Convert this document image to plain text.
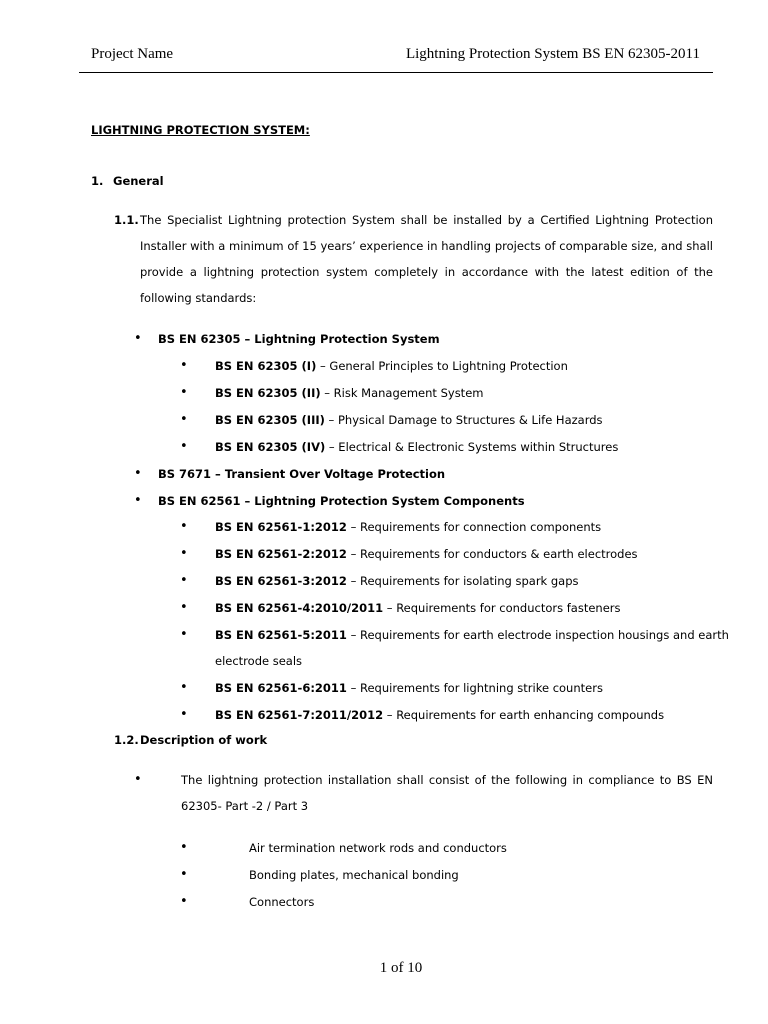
Project Name	Lightning Protection System BS EN 62305-2011
LIGHTNING PROTECTION SYSTEM:
1. General
1.1. The Specialist Lightning protection System shall be installed by a Certified Lightning Protection
Installer with a minimum of 15 years’ experience in handling projects of comparable size, and shall
provide a lightning protection system completely in accordance with the latest edition of the
following standards:
• BS EN 62305 – Lightning Protection System
• BS EN 62305 (I) – General Principles to Lightning Protection
• BS EN 62305 (II) – Risk Management System
• BS EN 62305 (III) – Physical Damage to Structures & Life Hazards
• BS EN 62305 (IV) – Electrical & Electronic Systems within Structures
• BS 7671 – Transient Over Voltage Protection
• BS EN 62561 – Lightning Protection System Components
• BS EN 62561-1:2012 – Requirements for connection components
• BS EN 62561-2:2012 – Requirements for conductors & earth electrodes
• BS EN 62561-3:2012 – Requirements for isolating spark gaps
• BS EN 62561-4:2010/2011 – Requirements for conductors fasteners
• BS EN 62561-5:2011 – Requirements for earth electrode inspection housings and earth
electrode seals
• BS EN 62561-6:2011 – Requirements for lightning strike counters
• BS EN 62561-7:2011/2012 – Requirements for earth enhancing compounds
1.2. Description of work
•	The lightning protection installation shall consist of the following in compliance to BS EN
62305- Part -2 / Part 3
•	Air termination network rods and conductors
•	Bonding plates, mechanical bonding
•	Connectors
1 of 10
